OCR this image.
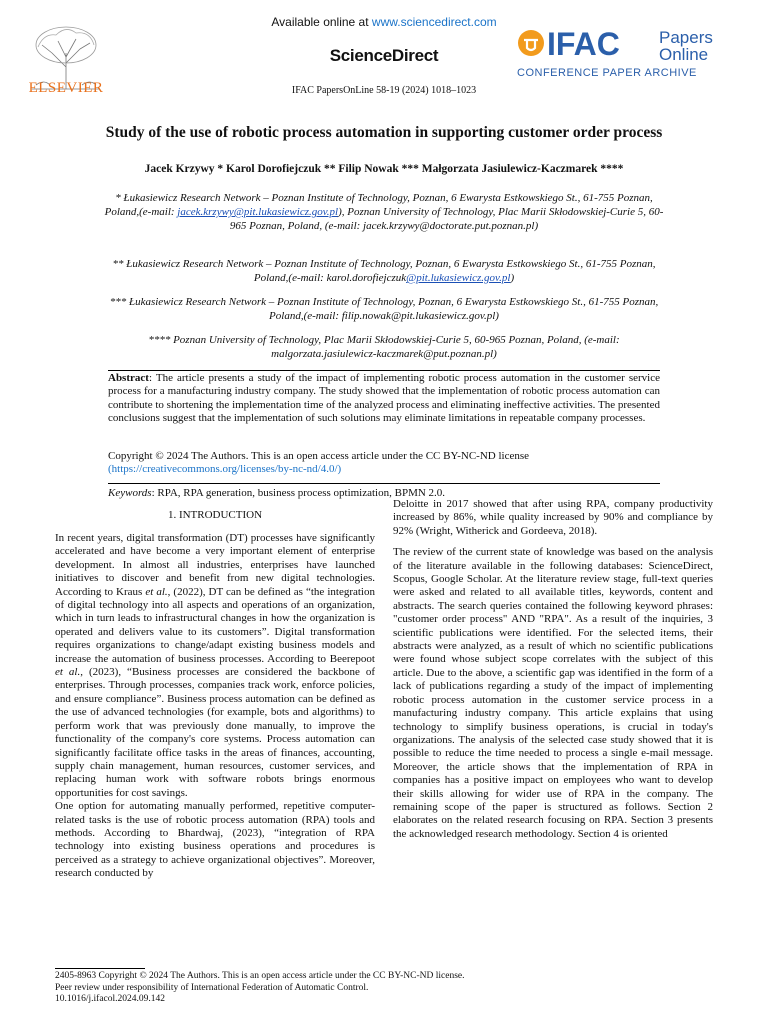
ELSEVIER
Available online at www.sciencedirect.com
ScienceDirect
IFAC PapersOnLine 58-19 (2024) 1018–1023
IFAC Papers
Online
CONFERENCE PAPER ARCHIVE
Study of the use of robotic process automation in supporting customer order process
Jacek Krzywy * Karol Dorofiejczuk ** Filip Nowak *** Małgorzata Jasiulewicz-Kaczmarek ****
* Łukasiewicz Research Network – Poznan Institute of Technology, Poznan, 6 Ewarysta Estkowskiego St., 61-755 Poznan, Poland,(e-mail: jacek.krzywy@pit.lukasiewicz.gov.pl), Poznan University of Technology, Plac Marii Skłodowskiej-Curie 5, 60-965 Poznan, Poland, (e-mail: jacek.krzywy@doctorate.put.poznan.pl)
** Łukasiewicz Research Network – Poznan Institute of Technology, Poznan, 6 Ewarysta Estkowskiego St., 61-755 Poznan, Poland,(e-mail: karol.dorofiejczuk@pit.lukasiewicz.gov.pl)
*** Łukasiewicz Research Network – Poznan Institute of Technology, Poznan, 6 Ewarysta Estkowskiego St., 61-755 Poznan, Poland,(e-mail: filip.nowak@pit.lukasiewicz.gov.pl)
**** Poznan University of Technology, Plac Marii Skłodowskiej-Curie 5, 60-965 Poznan, Poland, (e-mail: malgorzata.jasiulewicz-kaczmarek@put.poznan.pl)
Abstract: The article presents a study of the impact of implementing robotic process automation in the customer service process for a manufacturing industry company. The study showed that the implementation of robotic process automation can contribute to shortening the implementation time of the analyzed process and eliminating ineffective activities. The presented conclusions suggest that the implementation of such solutions may eliminate limitations in repeatable company processes.
Copyright © 2024 The Authors. This is an open access article under the CC BY-NC-ND license
(https://creativecommons.org/licenses/by-nc-nd/4.0/)
Keywords: RPA, RPA generation, business process optimization, BPMN 2.0.
1. INTRODUCTION

In recent years, digital transformation (DT) processes have significantly accelerated and have become a very important element of enterprise development. In almost all industries, enterprises have launched initiatives to discover and benefit from new digital technologies. According to Kraus et al., (2022), DT can be defined as “the integration of digital technology into all aspects and operations of an organization, which in turn leads to infrastructural changes in how the organization is operated and delivers value to its customers”. Digital transformation requires organizations to change/adapt existing business models and increase the automation of business processes. According to Beerepoot et al., (2023), “Business processes are considered the backbone of enterprises. Through processes, companies track work, enforce policies, and ensure compliance”. Business process automation can be defined as the use of advanced technologies (for example, bots and algorithms) to perform work that was previously done manually, to improve the functionality of the company's core systems. Process automation can significantly facilitate office tasks in the areas of finances, accounting, supply chain management, human resources, customer services, and replacing human work with software robots brings enormous opportunities for cost savings.

One option for automating manually performed, repetitive computer-related tasks is the use of robotic process automation (RPA) tools and methods. According to Bhardwaj, (2023), “integration of RPA technology into existing business operations and procedures is perceived as a strategy to achieve organizational objectives”. Moreover, research conducted by

Deloitte in 2017 showed that after using RPA, company productivity increased by 86%, while quality increased by 90% and compliance by 92% (Wright, Witherick and Gordeeva, 2018).

The review of the current state of knowledge was based on the analysis of the literature available in the following databases: ScienceDirect, Scopus, Google Scholar. At the literature review stage, full-text queries were asked and related to all available titles, keywords, content and abstracts. The search queries contained the following keyword phrases: "customer order process" AND "RPA". As a result of the inquiries, 3 scientific publications were identified. For the selected items, their abstracts were analyzed, as a result of which no scientific publications were found whose subject scope correlates with the subject of this article. Due to the above, a scientific gap was identified in the form of a lack of publications regarding a study of the impact of implementing robotic process automation in the customer service process in a manufacturing industry company. This article explains that using technology to simplify business operations, is crucial in today's organizations. The analysis of the selected case study showed that it is possible to reduce the time needed to process a single e-mail message. Moreover, the article shows that the implementation of RPA in companies has a positive impact on employees who want to develop their skills allowing for wider use of RPA in the company. The remaining scope of the paper is structured as follows. Section 2 elaborates on the related research focusing on RPA. Section 3 presents the acknowledged research methodology. Section 4 is oriented

2405-8963 Copyright © 2024 The Authors. This is an open access article under the CC BY-NC-ND license.
Peer review under responsibility of International Federation of Automatic Control.
10.1016/j.ifacol.2024.09.142
